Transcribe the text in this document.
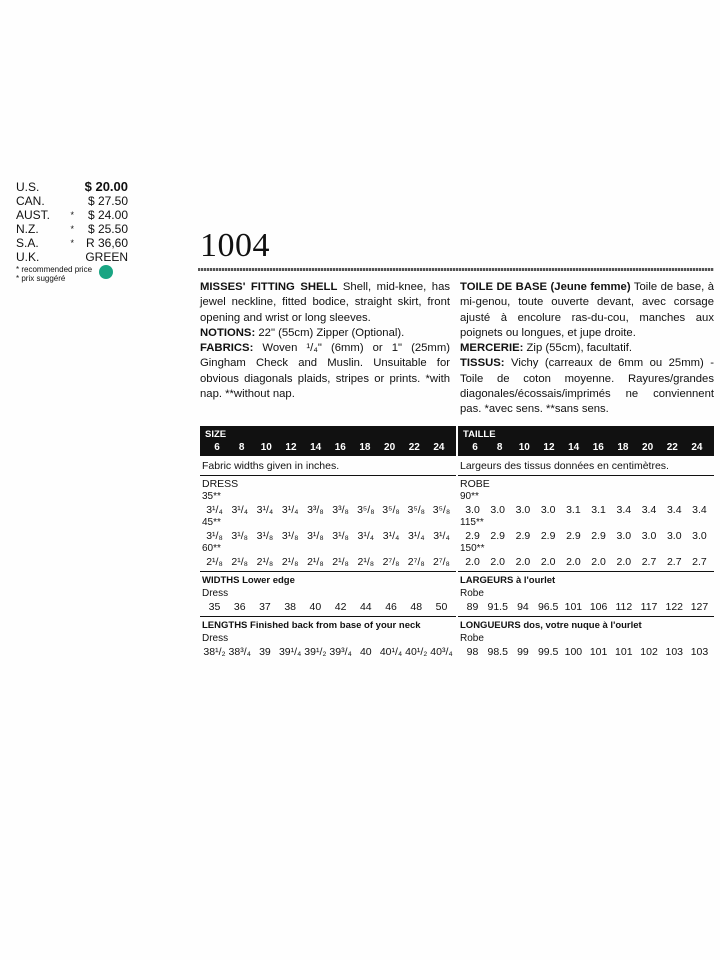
U.S.	$ 20.00
CAN.	$ 27.50
AUST.	*	$ 24.00
N.Z.	*	$ 25.50
S.A.	* R 36,60
U.K.	GREEN
* recommended price
* prix suggéré
1004

MISSES' FITTING SHELL Shell, mid-knee, has jewel neckline, fitted bodice, straight skirt, front opening and wrist or long sleeves.

NOTIONS: 22" (55cm) Zipper (Optional).

FABRICS: Woven ¹/₄" (6mm) or 1" (25mm) Gingham Check and Muslin. Unsuitable for obvious diagonals plaids, stripes or prints. *with nap. **without nap.

TOILE DE BASE (Jeune femme) Toile de base, à mi-genou, toute ouverte devant, avec corsage ajusté à encolure ras-du-cou, manches aux poignets ou longues, et jupe droite.

MERCERIE: Zip (55cm), facultatif.

TISSUS: Vichy (carreaux de 6mm ou 25mm) - Toile de coton moyenne. Rayures/grandes diagonales/écossais/imprimés ne conviennent pas. *avec sens. **sans sens.

SIZE
6	8	10	12	14	16	18	20	22	24
Fabric widths given in inches.
DRESS
35**
3¹/₄ 3¹/₄ 3¹/₄ 3¹/₄ 3³/₈ 3³/₈ 3⁵/₈ 3⁵/₈ 3⁵/₈ 3⁵/₈
45**
3¹/₈ 3¹/₈ 3¹/₈ 3¹/₈ 3¹/₈ 3¹/₈ 3¹/₄ 3¹/₄ 3¹/₄ 3¹/₄
60**
2¹/₈ 2¹/₈ 2¹/₈ 2¹/₈ 2¹/₈ 2¹/₈ 2¹/₈ 2⁷/₈ 2⁷/₈ 2⁷/₈
WIDTHS Lower edge
Dress
35	36	37	38	40	42	44	46	48	50
LENGTHS Finished back from base of your neck
Dress
38¹/₂ 38³/₄ 39 39¹/₄ 39¹/₂ 39³/₄ 40 40¹/₄ 40¹/₂ 40³/₄
TAILLE
6	8	10	12	14	16	18	20	22	24
Largeurs des tissus données en centimètres.
ROBE
90**
3.0	3.0	3.0	3.0	3.1	3.1	3.4	3.4	3.4	3.4
115**
2.9	2.9	2.9	2.9	2.9	2.9	3.0	3.0	3.0	3.0
150**
2.0	2.0	2.0	2.0	2.0	2.0	2.0	2.7	2.7	2.7
LARGEURS à l'ourlet
Robe
89 91.5 94 96.5 101 106 112 117 122 127
LONGUEURS dos, votre nuque à l'ourlet
Robe
98 98.5 99 99.5 100 101 101 102 103 103
